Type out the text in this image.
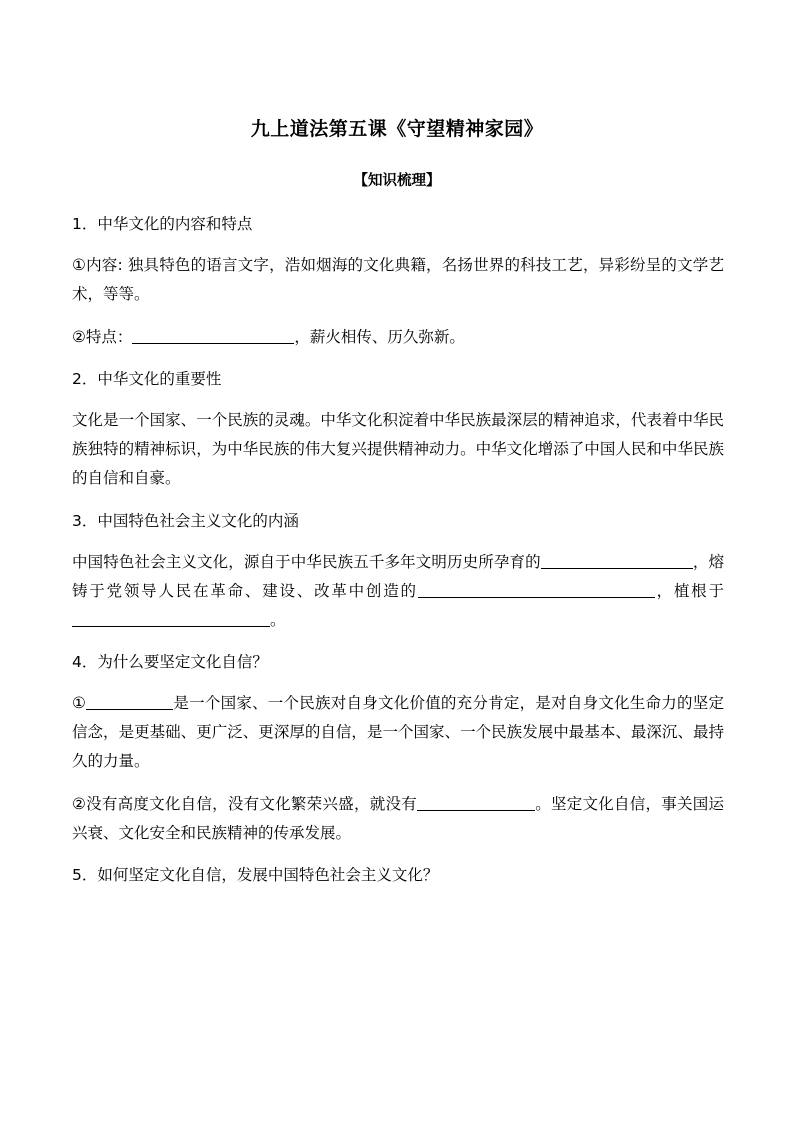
九上道法第五课《守望精神家园》
【知识梳理】

1．中华文化的内容和特点

①内容: 独具特色的语言文字，浩如烟海的文化典籍，名扬世界的科技工艺，异彩纷呈的文学艺术，等等。

②特点：	，薪火相传、历久弥新。

2．中华文化的重要性

文化是一个国家、一个民族的灵魂。中华文化积淀着中华民族最深层的精神追求，代表着中华民族独特的精神标识，为中华民族的伟大复兴提供精神动力。中华文化增添了中国人民和中华民族的自信和自豪。

3．中国特色社会主义文化的内涵

中国特色社会主义文化，源自于中华民族五千多年文明历史所孕育的	，熔铸于党领导人民在革命、建设、改革中创造的	，植根于。

4．为什么要坚定文化自信？

①	是一个国家、一个民族对自身文化价值的充分肯定，是对自身文化生命力的坚定信念，是更基础、更广泛、更深厚的自信，是一个国家、一个民族发展中最基本、最深沉、最持久的力量。

②没有高度文化自信，没有文化繁荣兴盛，就没有	。坚定文化自信，事关国运兴衰、文化安全和民族精神的传承发展。

5．如何坚定文化自信，发展中国特色社会主义文化？
